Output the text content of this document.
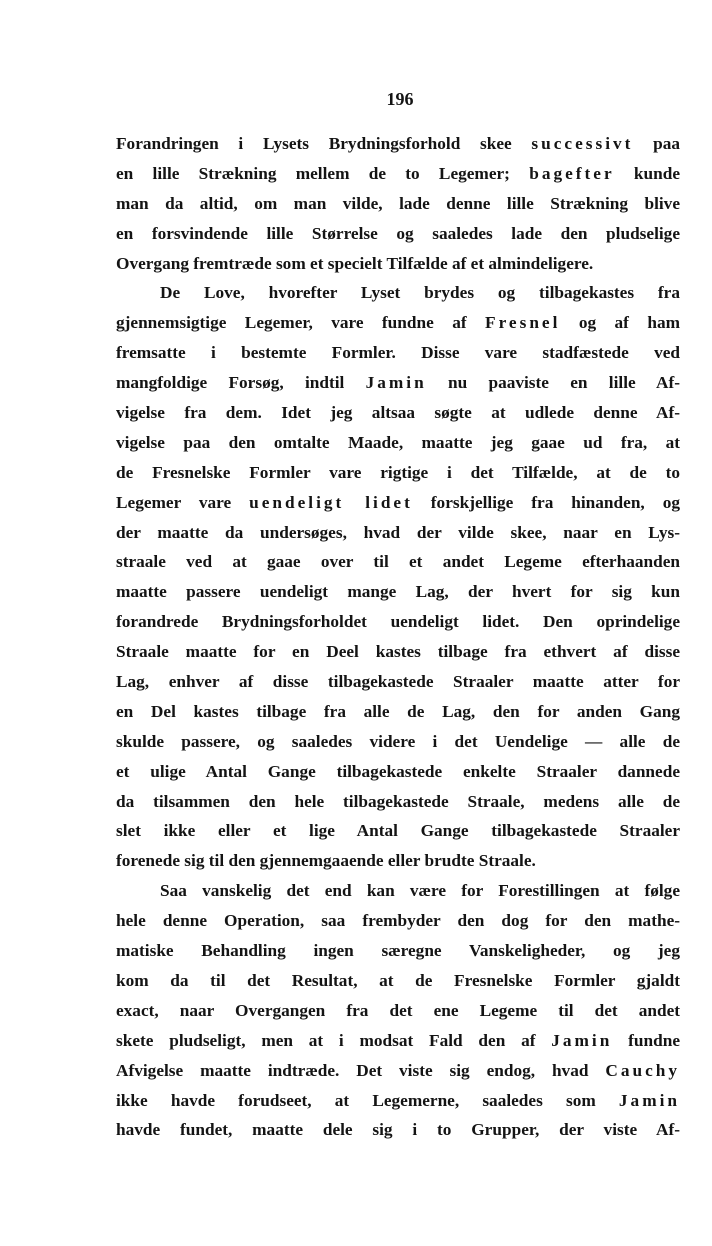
196
Forandringen i Lysets Brydningsforhold skee successivt paa
en lille Strækning mellem de to Legemer; bagefter kunde
man da altid, om man vilde, lade denne lille Strækning blive
en forsvindende lille Størrelse og saaledes lade den pludselige
Overgang fremtræde som et specielt Tilfælde af et almindeligere.
De Love, hvorefter Lyset brydes og tilbagekastes fra
gjennemsigtige Legemer, vare fundne af Fresnel og af ham
fremsatte i bestemte Formler. Disse vare stadfæstede ved
mangfoldige Forsøg, indtil Jamin nu paaviste en lille Af-
vigelse fra dem. Idet jeg altsaa søgte at udlede denne Af-
vigelse paa den omtalte Maade, maatte jeg gaae ud fra, at
de Fresnelske Formler vare rigtige i det Tilfælde, at de to
Legemer vare uendeligt lidet forskjellige fra hinanden, og
der maatte da undersøges, hvad der vilde skee, naar en Lys-
straale ved at gaae over til et andet Legeme efterhaanden
maatte passere uendeligt mange Lag, der hvert for sig kun
forandrede Brydningsforholdet uendeligt lidet. Den oprindelige
Straale maatte for en Deel kastes tilbage fra ethvert af disse
Lag, enhver af disse tilbagekastede Straaler maatte atter for
en Del kastes tilbage fra alle de Lag, den for anden Gang
skulde passere, og saaledes videre i det Uendelige — alle de
et ulige Antal Gange tilbagekastede enkelte Straaler dannede
da tilsammen den hele tilbagekastede Straale, medens alle de
slet ikke eller et lige Antal Gange tilbagekastede Straaler
forenede sig til den gjennemgaaende eller brudte Straale.
Saa vanskelig det end kan være for Forestillingen at følge
hele denne Operation, saa frembyder den dog for den mathe-
matiske Behandling ingen særegne Vanskeligheder, og jeg
kom da til det Resultat, at de Fresnelske Formler gjaldt
exact, naar Overgangen fra det ene Legeme til det andet
skete pludseligt, men at i modsat Fald den af Jamin fundne
Afvigelse maatte indtræde. Det viste sig endog, hvad Cauchy
ikke havde forudseet, at Legemerne, saaledes som Jamin
havde fundet, maatte dele sig i to Grupper, der viste Af-
